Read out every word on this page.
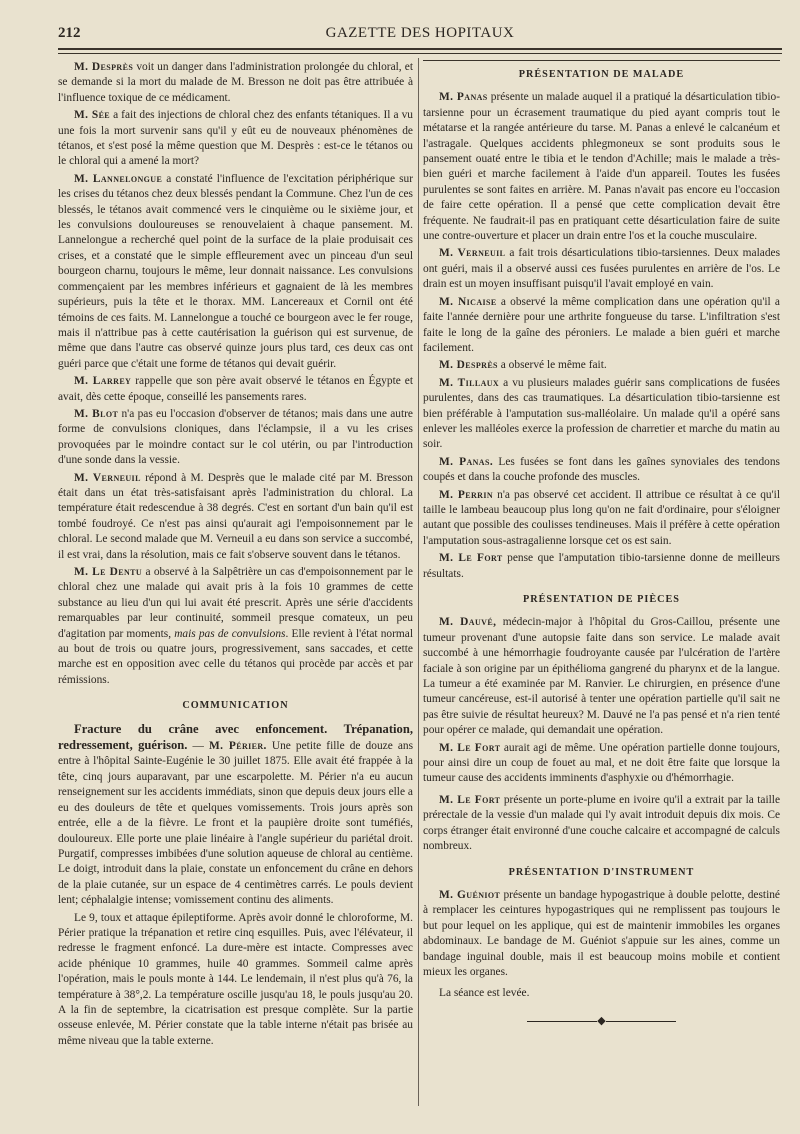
212	GAZETTE DES HOPITAUX

M. Desprès voit un danger dans l'administration prolongée du chloral, et se demande si la mort du malade de M. Bresson ne doit pas être attribuée à l'influence toxique de ce médicament.

M. Sée a fait des injections de chloral chez des enfants tétaniques. Il a vu une fois la mort survenir sans qu'il y eût eu de nouveaux phénomènes de tétanos, et s'est posé la même question que M. Desprès : est-ce le tétanos ou le chloral qui a amené la mort?

M. Lannelongue a constaté l'influence de l'excitation périphérique sur les crises du tétanos chez deux blessés pendant la Commune. Chez l'un de ces blessés, le tétanos avait commencé vers le cinquième ou le sixième jour, et les convulsions douloureuses se renouvelaient à chaque pansement. M. Lannelongue a recherché quel point de la surface de la plaie produisait ces crises, et a constaté que le simple effleurement avec un pinceau d'un seul bourgeon charnu, toujours le même, leur donnait naissance. Les convulsions commençaient par les membres inférieurs et gagnaient de là les membres supérieurs, puis la tête et le thorax. MM. Lancereaux et Cornil ont été témoins de ces faits. M. Lannelongue a touché ce bourgeon avec le fer rouge, mais il n'attribue pas à cette cautérisation la guérison qui est survenue, de même que dans l'autre cas observé quinze jours plus tard, ces deux cas ont guéri parce que c'était une forme de tétanos qui devait guérir.

M. Larrey rappelle que son père avait observé le tétanos en Égypte et avait, dès cette époque, conseillé les pansements rares.

M. Blot n'a pas eu l'occasion d'observer de tétanos; mais dans une autre forme de convulsions cloniques, dans l'éclampsie, il a vu les crises provoquées par le moindre contact sur le col utérin, ou par l'introduction d'une sonde dans la vessie.

M. Verneuil répond à M. Desprès que le malade cité par M. Bresson était dans un état très-satisfaisant après l'administration du chloral. La température était redescendue à 38 degrés. C'est en sortant d'un bain qu'il est tombé foudroyé. Ce n'est pas ainsi qu'aurait agi l'empoisonnement par le chloral. Le second malade que M. Verneuil a eu dans son service a succombé, il est vrai, dans la résolution, mais ce fait s'observe souvent dans le tétanos.

M. Le Dentu a observé à la Salpêtrière un cas d'empoisonnement par le chloral chez une malade qui avait pris à la fois 10 grammes de cette substance au lieu d'un qui lui avait été prescrit. Après une série d'accidents remarquables par leur continuité, sommeil presque comateux, un peu d'agitation par moments, mais pas de convulsions. Elle revient à l'état normal au bout de trois ou quatre jours, progressivement, sans saccades, et cette marche est en opposition avec celle du tétanos qui procède par accès et par rémissions.

COMMUNICATION

Fracture du crâne avec enfoncement. Trépanation, redressement, guérison. — M. Périer. Une petite fille de douze ans entre à l'hôpital Sainte-Eugénie le 30 juillet 1875. Elle avait été frappée à la tête, cinq jours auparavant, par une escarpolette. M. Périer n'a eu aucun renseignement sur les accidents immédiats, sinon que depuis deux jours elle a eu des douleurs de tête et quelques vomissements. Trois jours après son entrée, elle a de la fièvre. Le front et la paupière droite sont tuméfiés, douloureux. Elle porte une plaie linéaire à l'angle supérieur du pariétal droit. Purgatif, compresses imbibées d'une solution aqueuse de chloral au centième. Le doigt, introduit dans la plaie, constate un enfoncement du crâne en dehors de la plaie cutanée, sur un espace de 4 centimètres carrés. Le pouls devient lent; céphalalgie intense; vomissement continu des aliments.

Le 9, toux et attaque épileptiforme. Après avoir donné le chloroforme, M. Périer pratique la trépanation et retire cinq esquilles. Puis, avec l'élévateur, il redresse le fragment enfoncé. La dure-mère est intacte. Compresses avec acide phénique 10 grammes, huile 40 grammes. Sommeil calme après l'opération, mais le pouls monte à 144. Le lendemain, il n'est plus qu'à 76, la température à 38°,2. La température oscille jusqu'au 18, le pouls jusqu'au 20. A la fin de septembre, la cicatrisation est presque complète. Sur la partie osseuse enlevée, M. Périer constate que la table interne n'était pas brisée au même niveau que la table externe.

PRÉSENTATION DE MALADE

M. Panas présente un malade auquel il a pratiqué la désarticulation tibio-tarsienne pour un écrasement traumatique du pied ayant compris tout le métatarse et la rangée antérieure du tarse. M. Panas a enlevé le calcanéum et l'astragale. Quelques accidents phlegmoneux se sont produits sous le pansement ouaté entre le tibia et le tendon d'Achille; mais le malade a très-bien guéri et marche facilement à l'aide d'un appareil. Toutes les fusées purulentes se sont faites en arrière. M. Panas n'avait pas encore eu l'occasion de faire cette opération. Il a pensé que cette complication devait être fréquente. Ne faudrait-il pas en pratiquant cette désarticulation faire de suite une contre-ouverture et placer un drain entre l'os et la couche musculaire.

M. Verneuil a fait trois désarticulations tibio-tarsiennes. Deux malades ont guéri, mais il a observé aussi ces fusées purulentes en arrière de l'os. Le drain est un moyen insuffisant puisqu'il l'avait employé en vain.

M. Nicaise a observé la même complication dans une opération qu'il a faite l'année dernière pour une arthrite fongueuse du tarse. L'infiltration s'est faite le long de la gaîne des péroniers. Le malade a bien guéri et marche facilement.

M. Desprès a observé le même fait.

M. Tillaux a vu plusieurs malades guérir sans complications de fusées purulentes, dans des cas traumatiques. La désarticulation tibio-tarsienne est bien préférable à l'amputation sus-malléolaire. Un malade qu'il a opéré sans enlever les malléoles exerce la profession de charretier et marche du matin au soir.

M. Panas. Les fusées se font dans les gaînes synoviales des tendons coupés et dans la couche profonde des muscles.

M. Perrin n'a pas observé cet accident. Il attribue ce résultat à ce qu'il taille le lambeau beaucoup plus long qu'on ne fait d'ordinaire, pour s'éloigner autant que possible des coulisses tendineuses. Mais il préfère à cette opération l'amputation sous-astragalienne lorsque cet os est sain.

M. Le Fort pense que l'amputation tibio-tarsienne donne de meilleurs résultats.

PRÉSENTATION DE PIÈCES

M. Dauvé, médecin-major à l'hôpital du Gros-Caillou, présente une tumeur provenant d'une autopsie faite dans son service. Le malade avait succombé à une hémorrhagie foudroyante causée par l'ulcération de l'artère faciale à son origine par un épithélioma gangrené du pharynx et de la langue. La tumeur a été examinée par M. Ranvier. Le chirurgien, en présence d'une tumeur cancéreuse, est-il autorisé à tenter une opération partielle qu'il sait ne pas être suivie de résultat heureux? M. Dauvé ne l'a pas pensé et n'a rien tenté pour opérer ce malade, qui demandait une opération.

M. Le Fort aurait agi de même. Une opération partielle donne toujours, pour ainsi dire un coup de fouet au mal, et ne doit être faite que lorsque la tumeur cause des accidents imminents d'asphyxie ou d'hémorrhagie.

M. Le Fort présente un porte-plume en ivoire qu'il a extrait par la taille prérectale de la vessie d'un malade qui l'y avait introduit depuis dix mois. Ce corps étranger était environné d'une couche calcaire et accompagné de calculs nombreux.

PRÉSENTATION D'INSTRUMENT

M. Guéniot présente un bandage hypogastrique à double pelotte, destiné à remplacer les ceintures hypogastriques qui ne remplissent pas toujours le but pour lequel on les applique, qui est de maintenir immobiles les organes abdominaux. Le bandage de M. Guéniot s'appuie sur les aines, comme un bandage inguinal double, mais il est beaucoup moins mobile et contient mieux les organes.

La séance est levée.

◆
